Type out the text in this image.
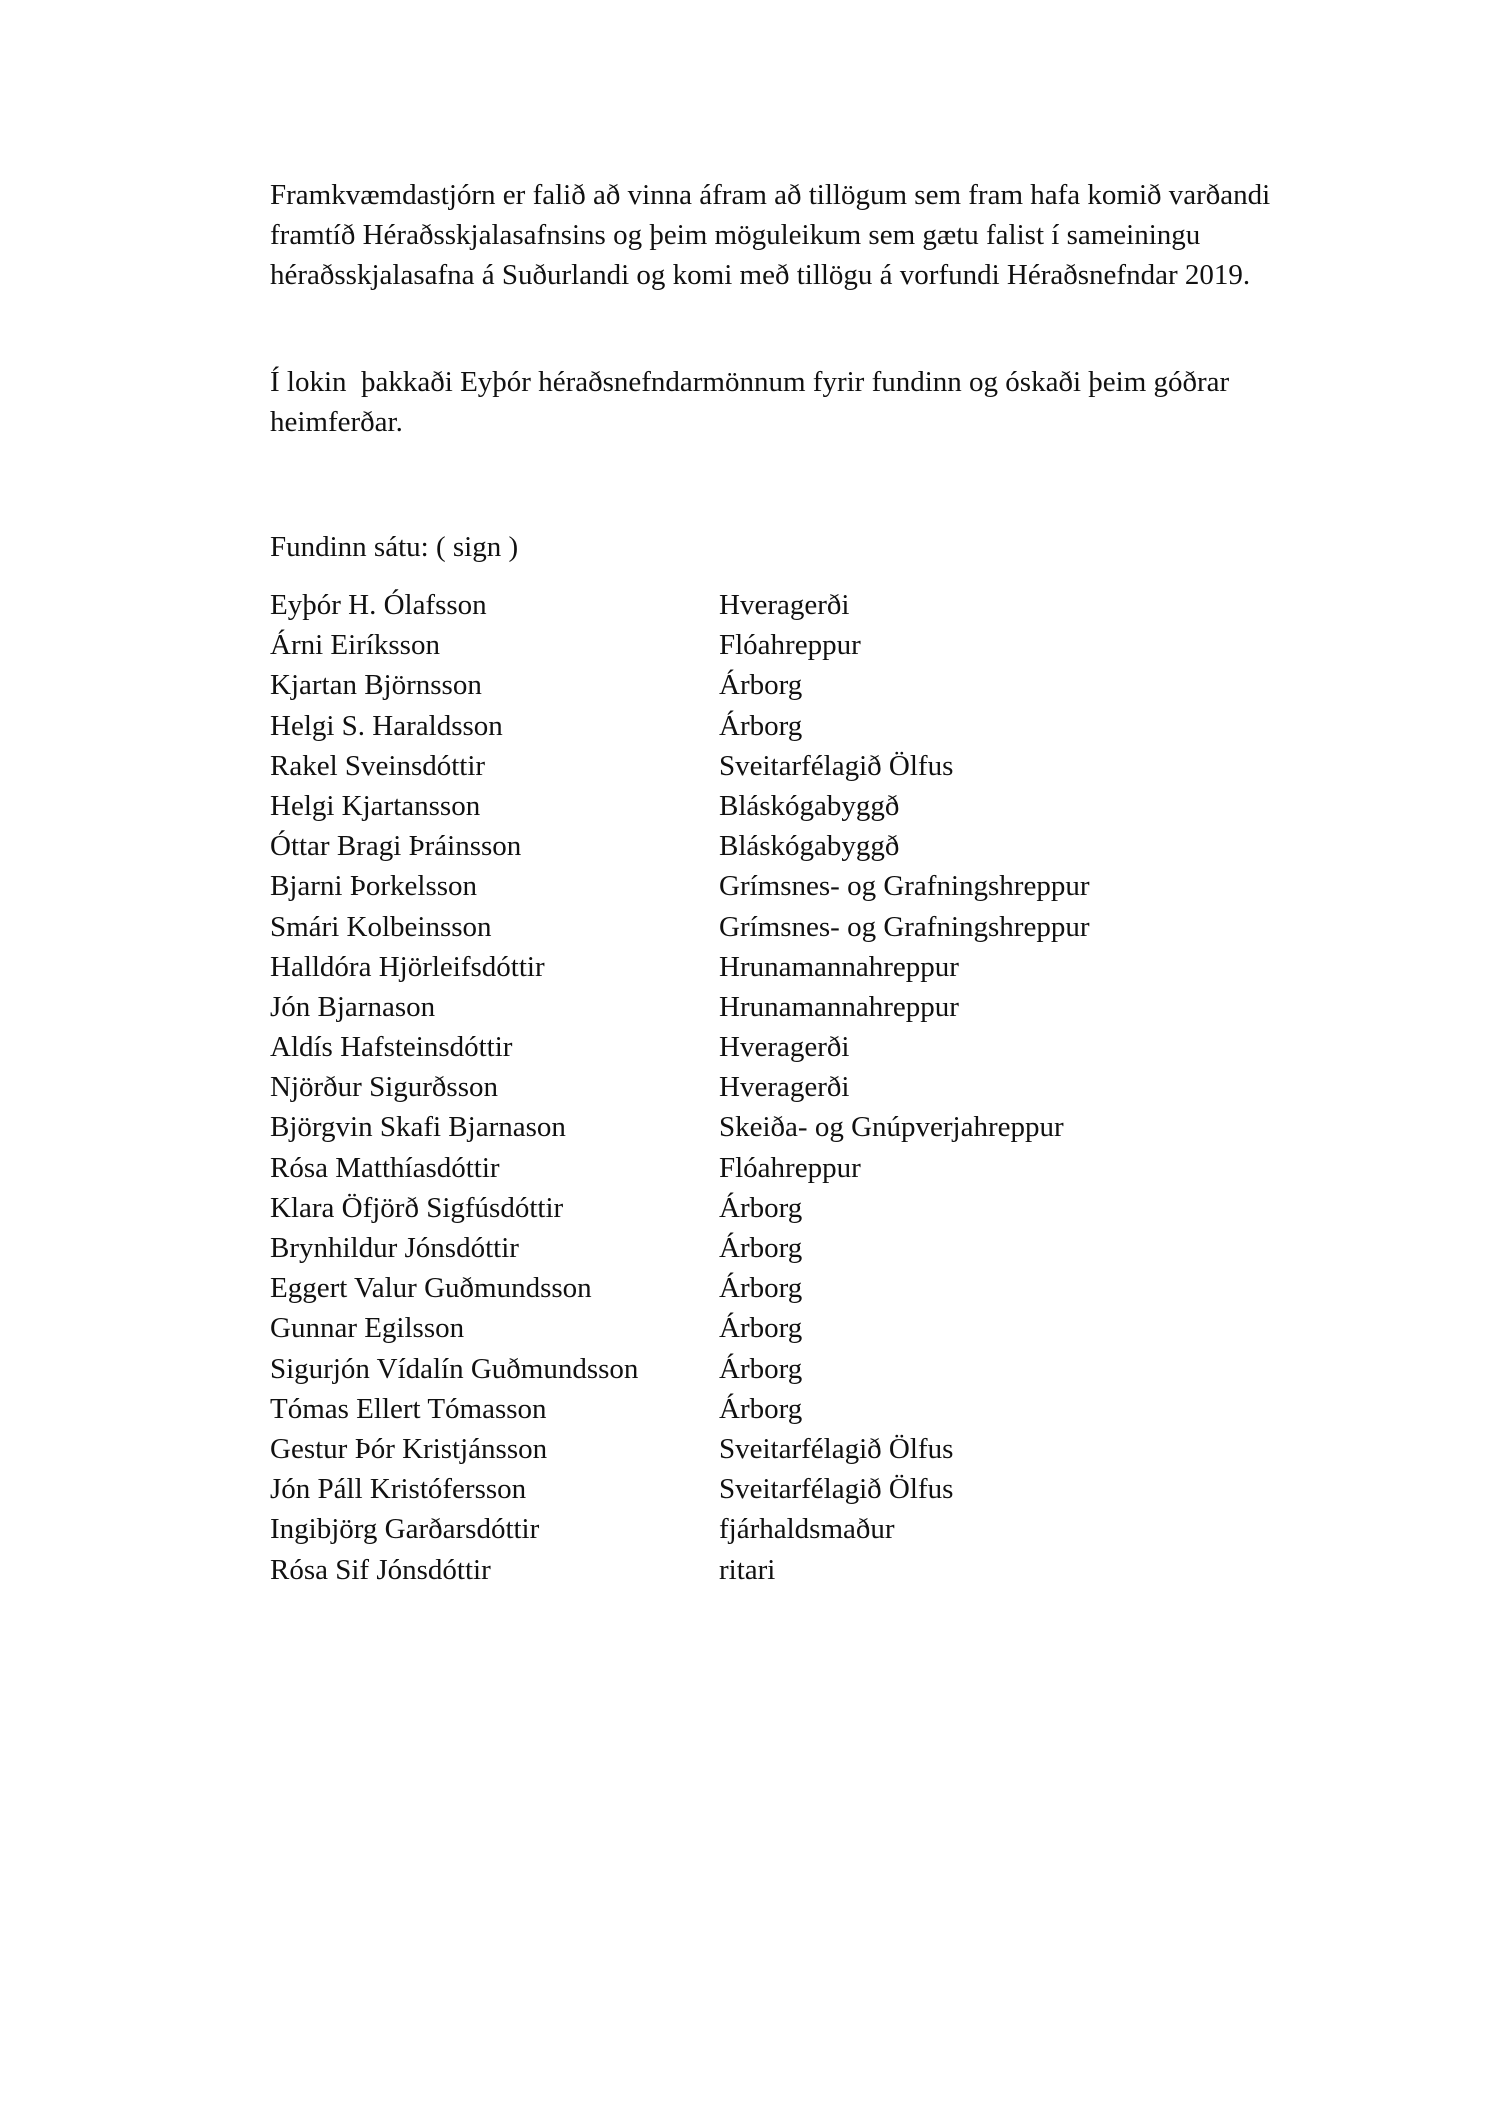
Framkvæmdastjórn er falið að vinna áfram að tillögum sem fram hafa komið varðandi framtíð Héraðsskjalasafnsins og þeim möguleikum sem gætu falist í sameiningu héraðsskjalasafna á Suðurlandi og komi með tillögu á vorfundi Héraðsnefndar 2019.

Í lokin  þakkaði Eyþór héraðsnefndarmönnum fyrir fundinn og óskaði þeim góðrar heimferðar.

Fundinn sátu: ( sign )

Eyþór H. Ólafsson	Hveragerði
Árni Eiríksson	Flóahreppur
Kjartan Björnsson	Árborg
Helgi S. Haraldsson	Árborg
Rakel Sveinsdóttir	Sveitarfélagið Ölfus
Helgi Kjartansson	Bláskógabyggð
Óttar Bragi Þráinsson	Bláskógabyggð
Bjarni Þorkelsson	Grímsnes- og Grafningshreppur
Smári Kolbeinsson	Grímsnes- og Grafningshreppur
Halldóra Hjörleifsdóttir	Hrunamannahreppur
Jón Bjarnason	Hrunamannahreppur
Aldís Hafsteinsdóttir	Hveragerði
Njörður Sigurðsson	Hveragerði
Björgvin Skafi Bjarnason	Skeiða- og Gnúpverjahreppur
Rósa Matthíasdóttir	Flóahreppur
Klara Öfjörð Sigfúsdóttir	Árborg
Brynhildur Jónsdóttir	Árborg
Eggert Valur Guðmundsson	Árborg
Gunnar Egilsson	Árborg
Sigurjón Vídalín Guðmundsson	Árborg
Tómas Ellert Tómasson	Árborg
Gestur Þór Kristjánsson	Sveitarfélagið Ölfus
Jón Páll Kristófersson	Sveitarfélagið Ölfus
Ingibjörg Garðarsdóttir	fjárhaldsmaður
Rósa Sif Jónsdóttir	ritari
